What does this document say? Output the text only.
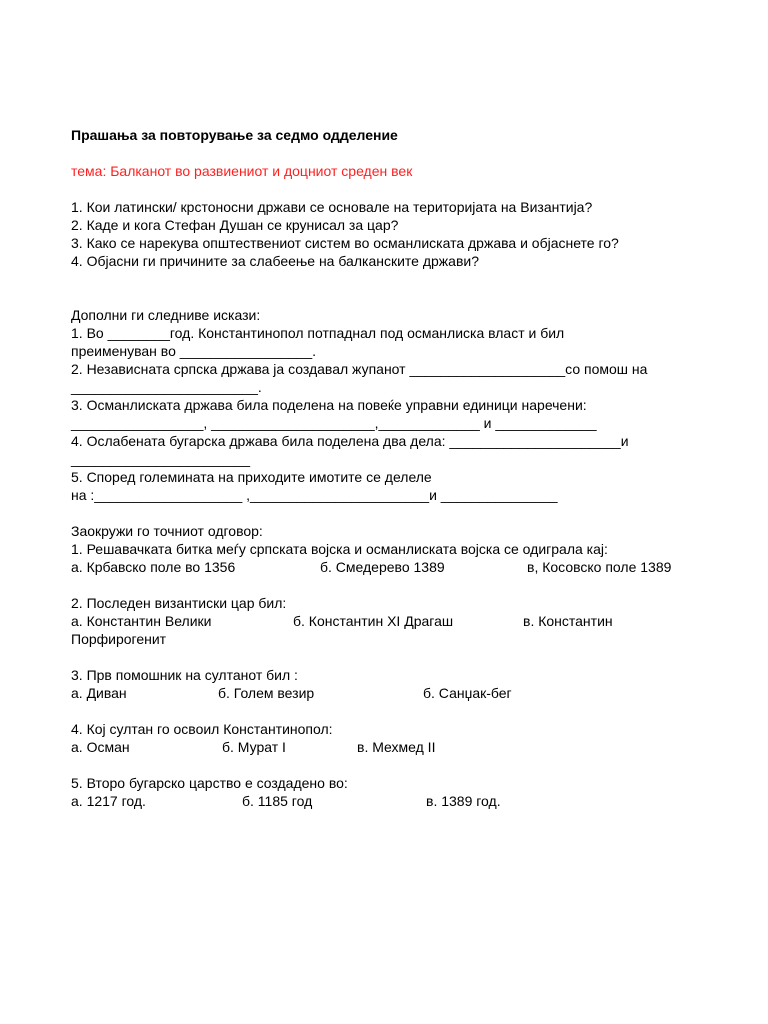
Прашања за повторување за седмо одделение
тема: Балканот во развиениот и доцниот среден век
1. Кои латински/ крстоносни држави се основале на територијата на Византија?
2. Каде и кога Стефан Душан се крунисал за цар?
3. Како се нарекува општествениот систем во османлиската држава и објаснете го?
4. Објасни ги причините за слабеење на балканските држави?
Дополни ги следниве искази:
1. Во ________год. Константинопол потпаднал под османлиска власт и бил
преименуван во _________________.
2. Независната српска држава ја создавал жупанот ____________________со помош на
________________________.
3. Османлиската држава била поделена на повеќе управни единици наречени:
_________________, _____________________,_____________ и _____________
4. Ослабената бугарска држава била поделена два дела: ______________________и
_______________________
5. Според големината на приходите имотите се делеле
на :___________________ ,_______________________и _______________
Заокружи го точниот одговор:
1. Решавачката битка меѓу српската војска и османлиската војска се одиграла кај:

а. Крбавско поле во 1356

	б. Смедерево 1389

	в, Косовско поле 1389

2. Последен византиски цар бил:

а. Константин Велики

	б. Константин XI Драгаш

	в. Константин

Порфирогенит
3. Прв помошник на султанот бил :

а. Диван

	б. Голем везир

	б. Санџак-бег

4. Кој султан го освоил Константинопол:

а. Осман

	б. Мурат I

	в. Мехмед II

5. Второ бугарско царство е создадено во:

а. 1217 год.

	б. 1185 год

	в. 1389 год.
